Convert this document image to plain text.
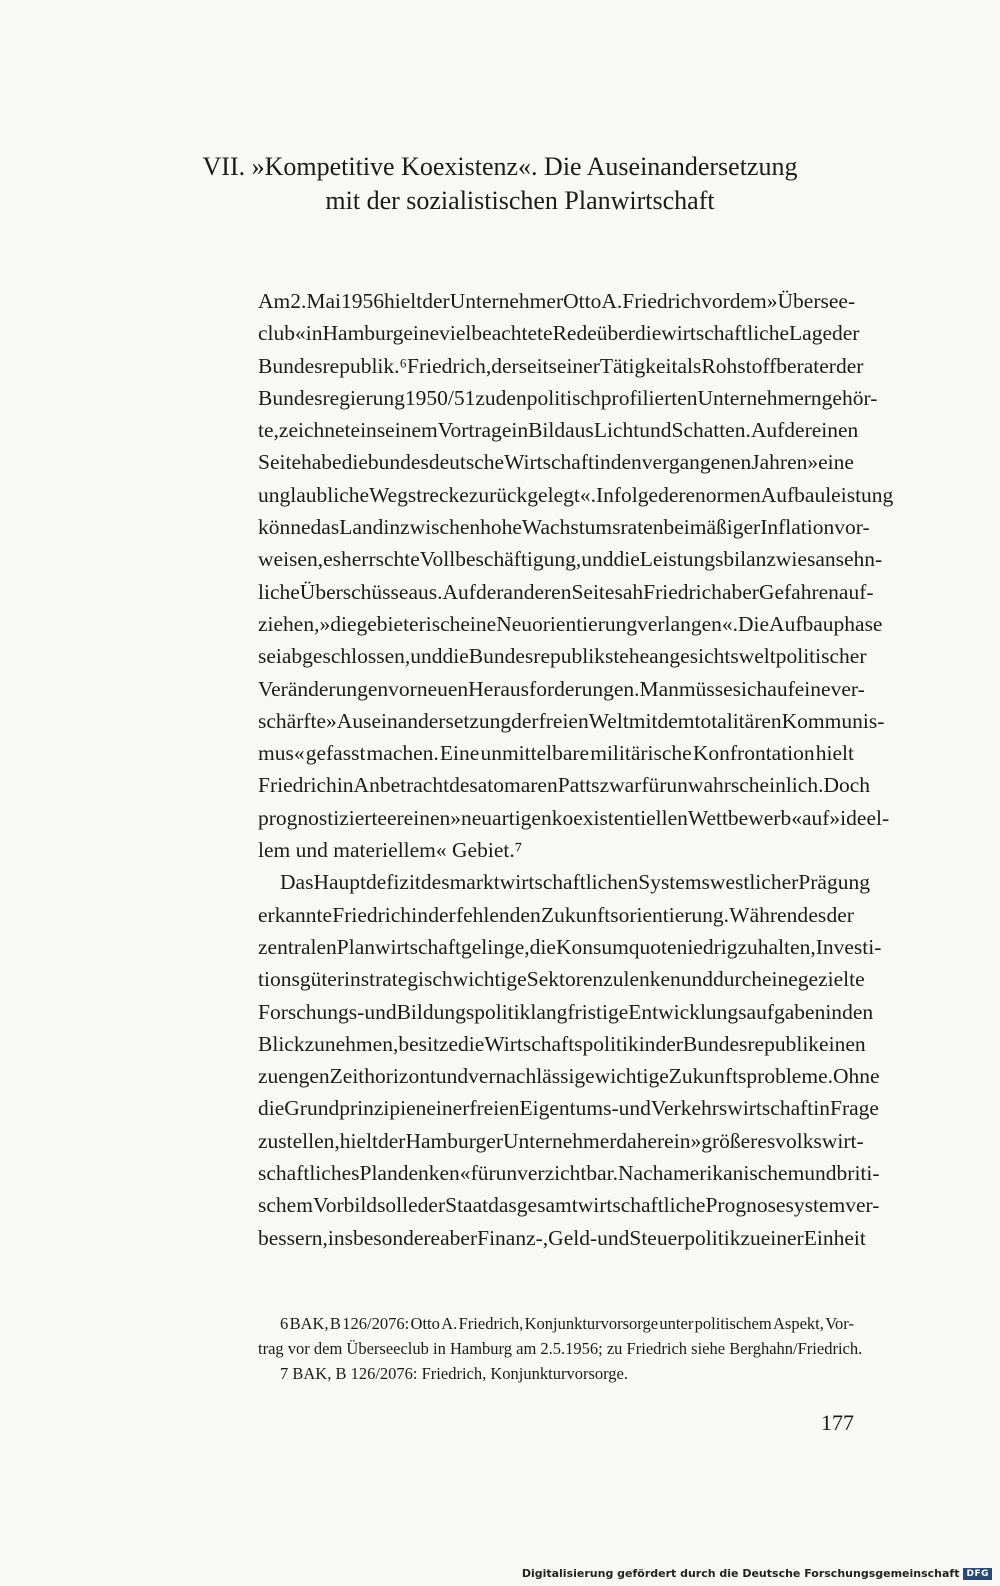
VII. »Kompetitive Koexistenz«. Die Auseinandersetzung
mit der sozialistischen Planwirtschaft
Am 2. Mai 1956 hielt der Unternehmer Otto A. Friedrich vor dem »Übersee-
club« in Hamburg eine viel beachtete Rede über die wirtschaftliche Lage der
Bundesrepublik.⁶ Friedrich, der seit seiner Tätigkeit als Rohstoffberater der
Bundesregierung 1950/51 zu den politisch profilierten Unternehmern gehör-
te, zeichnete in seinem Vortrag ein Bild aus Licht und Schatten. Auf der einen
Seite habe die bundesdeutsche Wirtschaft in den vergangenen Jahren »eine
unglaubliche Wegstrecke zurückgelegt«. Infolge der enormen Aufbauleistung
könne das Land inzwischen hohe Wachstumsraten bei mäßiger Inflation vor-
weisen, es herrschte Vollbeschäftigung, und die Leistungsbilanz wies ansehn-
liche Überschüsse aus. Auf der anderen Seite sah Friedrich aber Gefahren auf-
ziehen, »die gebieterisch eine Neuorientierung verlangen«. Die Aufbauphase
sei abgeschlossen, und die Bundesrepublik stehe angesichts weltpolitischer
Veränderungen vor neuen Herausforderungen. Man müsse sich auf eine ver-
schärfte »Auseinandersetzung der freien Welt mit dem totalitären Kommunis-
mus« gefasst machen. Eine unmittelbare militärische Konfrontation hielt
Friedrich in Anbetracht des atomaren Patts zwar für unwahrscheinlich. Doch
prognostizierte er einen »neuartigen koexistentiellen Wettbewerb« auf »ideel-
lem und materiellem« Gebiet.⁷
Das Hauptdefizit des marktwirtschaftlichen Systems westlicher Prägung
erkannte Friedrich in der fehlenden Zukunftsorientierung. Während es der
zentralen Planwirtschaft gelinge, die Konsumquote niedrig zu halten, Investi-
tionsgüter in strategisch wichtige Sektoren zu lenken und durch eine gezielte
Forschungs- und Bildungspolitik langfristige Entwicklungsaufgaben in den
Blick zu nehmen, besitze die Wirtschaftspolitik in der Bundesrepublik einen
zu engen Zeithorizont und vernachlässige wichtige Zukunftsprobleme. Ohne
die Grundprinzipien einer freien Eigentums- und Verkehrswirtschaft in Frage
zu stellen, hielt der Hamburger Unternehmer daher ein »größeres volkswirt-
schaftliches Plandenken« für unverzichtbar. Nach amerikanischem und briti-
schem Vorbild solle der Staat das gesamtwirtschaftliche Prognosesystem ver-
bessern, insbesondere aber Finanz-, Geld- und Steuerpolitik zu einer Einheit
6 BAK, B 126/2076: Otto A. Friedrich, Konjunkturvorsorge unter politischem Aspekt, Vor-
trag vor dem Überseeclub in Hamburg am 2.5.1956; zu Friedrich siehe Berghahn/Friedrich.
7 BAK, B 126/2076: Friedrich, Konjunkturvorsorge.
177
Digitalisierung gefördert durch die Deutsche Forschungsgemeinschaft DFG
